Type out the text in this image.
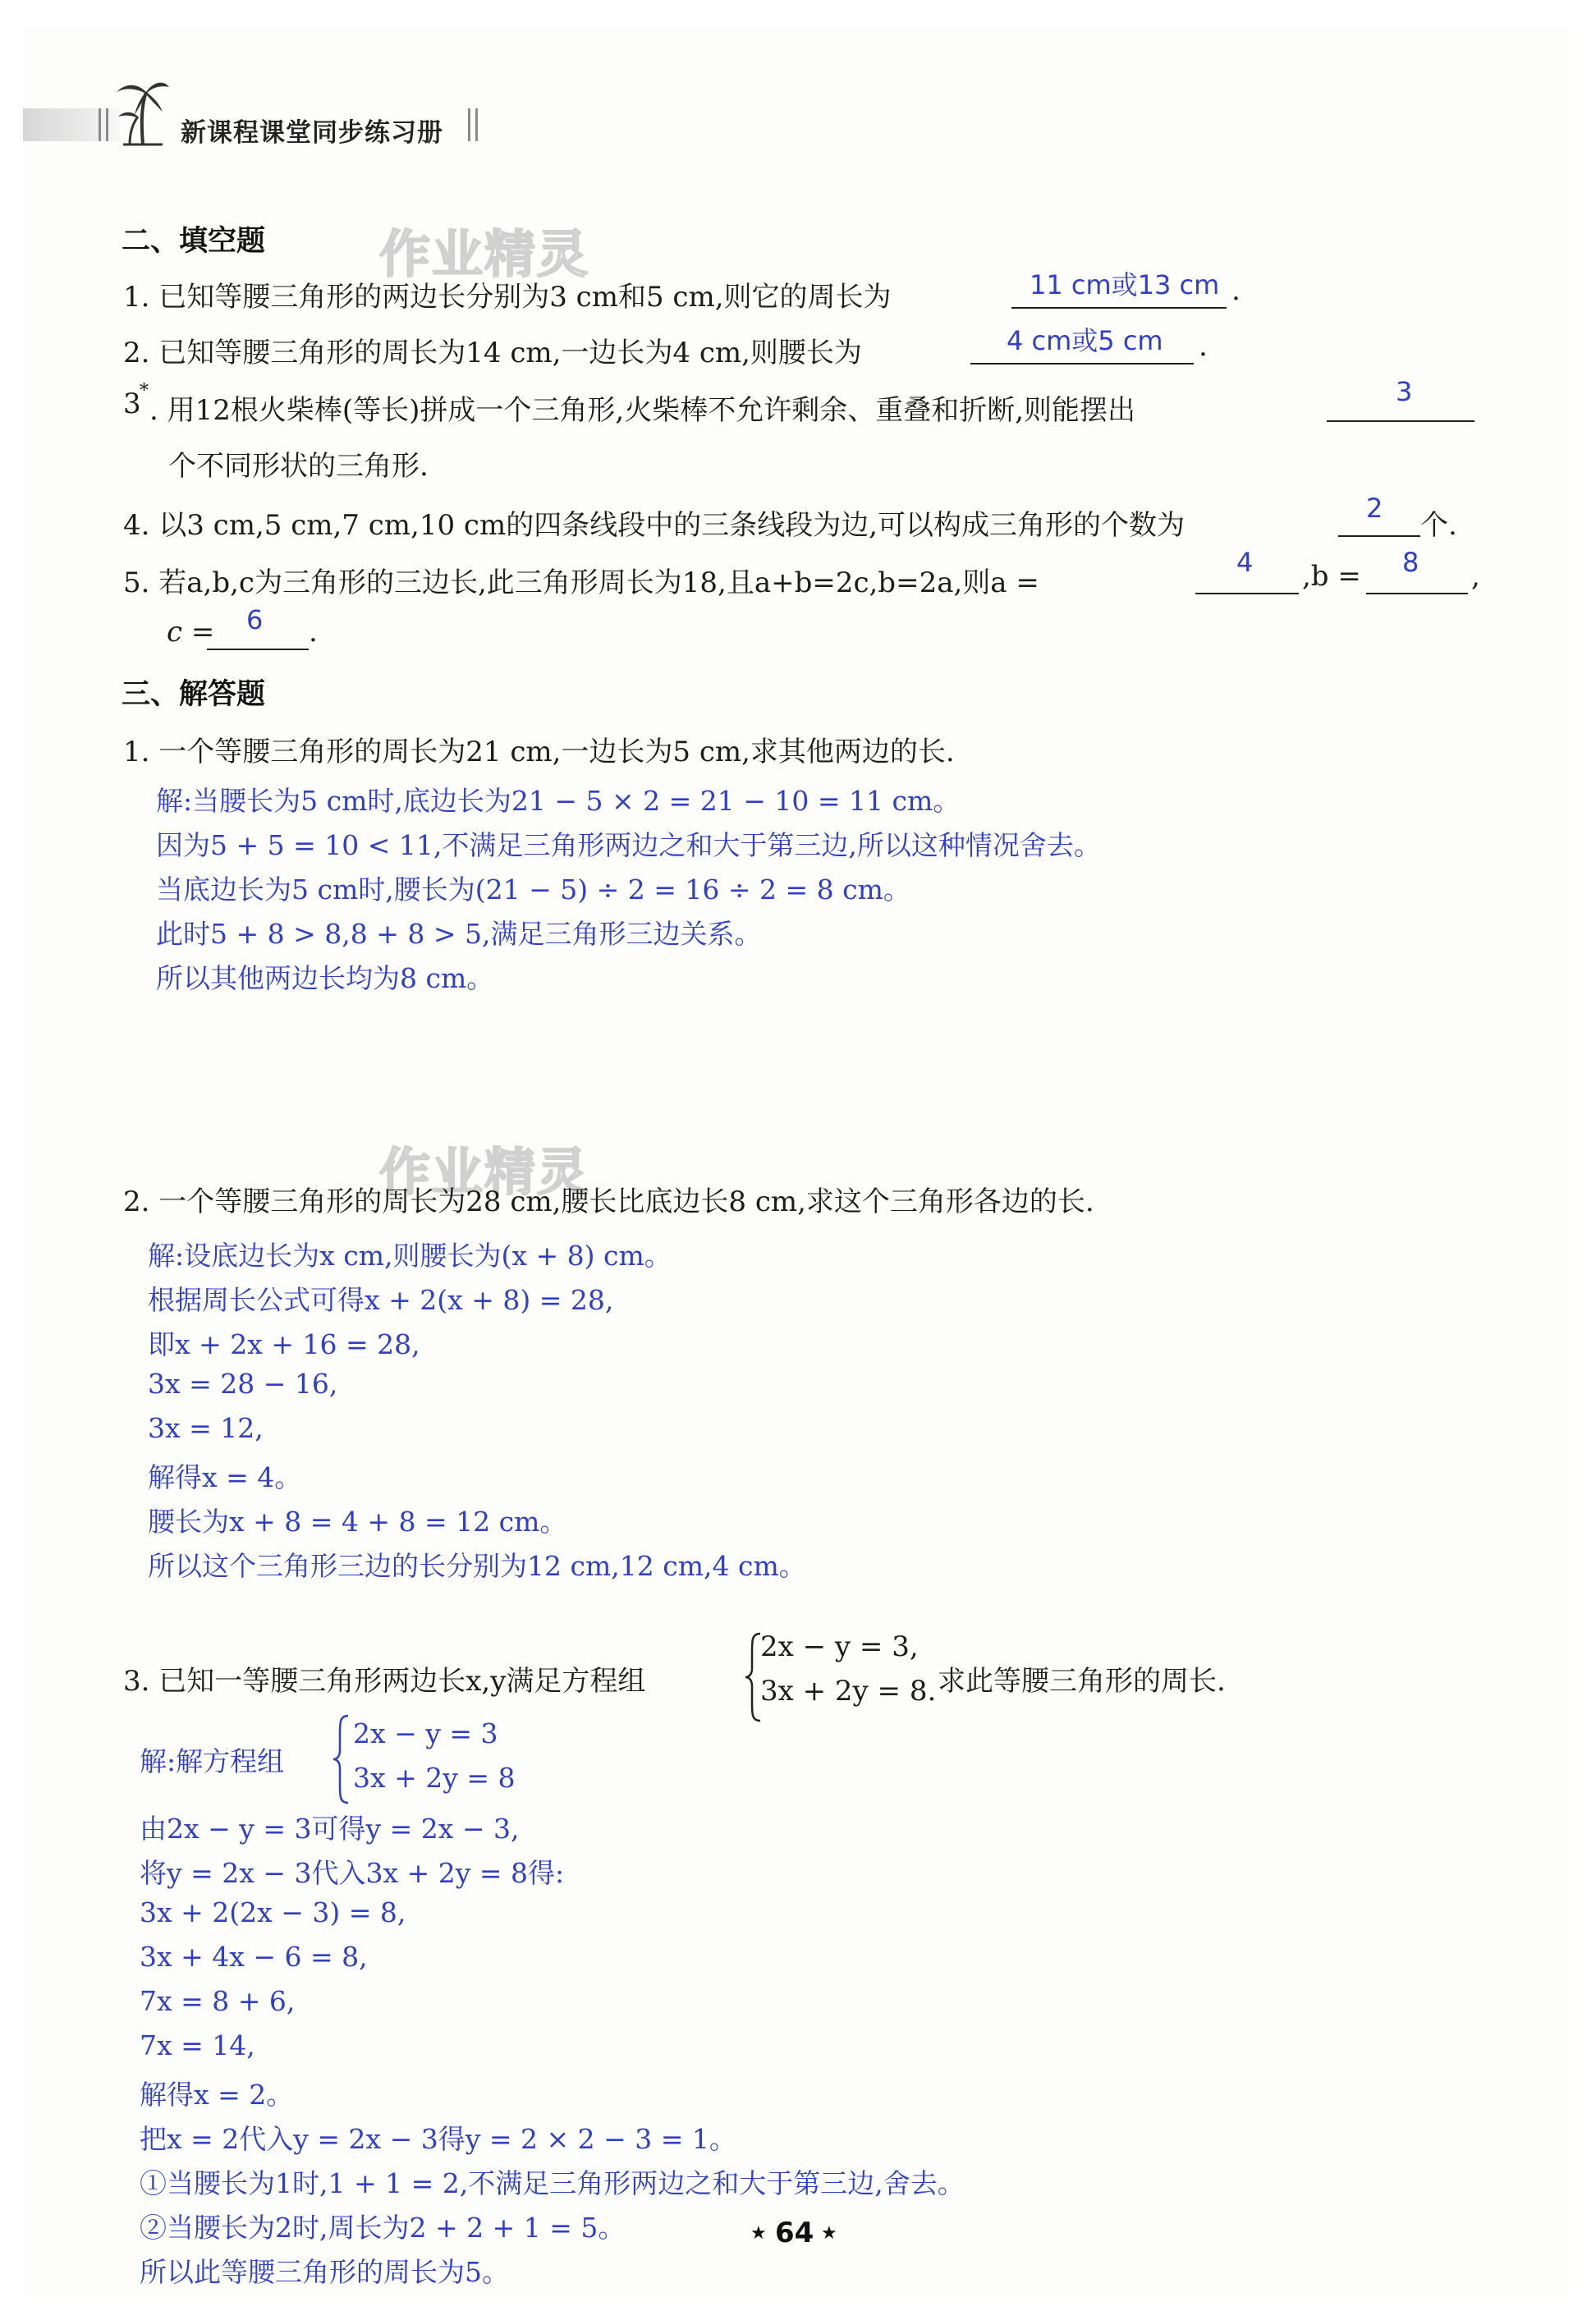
新课程课堂同步练习册
作业精灵
作业精灵
二、填空题
1. 已知等腰三角形的两边长分别为3 cm和5 cm,则它的周长为	11 cm或13 cm .
2. 已知等腰三角形的周长为14 cm,一边长为4 cm,则腰长为	4 cm或5 cm .
3
*
. 用12根火柴棒(等长)拼成一个三角形,火柴棒不允许剩余、重叠和折断,则能摆出
3
个不同形状的三角形.
4. 以3 cm,5 cm,7 cm,10 cm的四条线段中的三条线段为边,可以构成三角形的个数为
2
个.
5. 若a,b,c为三角形的三边长,此三角形周长为18,且a+b=2c,b=2a,则a =
4 ,b = 8 ,
c = 6 .
三、解答题
1. 一个等腰三角形的周长为21 cm,一边长为5 cm,求其他两边的长.
解:当腰长为5 cm时,底边长为21 − 5 × 2 = 21 − 10 = 11 cm。
因为5 + 5 = 10 < 11,不满足三角形两边之和大于第三边,所以这种情况舍去。
当底边长为5 cm时,腰长为(21 − 5) ÷ 2 = 16 ÷ 2 = 8 cm。
此时5 + 8 > 8,8 + 8 > 5,满足三角形三边关系。
所以其他两边长均为8 cm。
2. 一个等腰三角形的周长为28 cm,腰长比底边长8 cm,求这个三角形各边的长.
解:设底边长为x cm,则腰长为(x + 8) cm。
根据周长公式可得x + 2(x + 8) = 28,
即x + 2x + 16 = 28,
3x = 28 − 16,
3x = 12,
解得x = 4。
腰长为x + 8 = 4 + 8 = 12 cm。
所以这个三角形三边的长分别为12 cm,12 cm,4 cm。
3. 已知一等腰三角形两边长x,y满足方程组
2x − y = 3,
3x + 2y = 8. 求此等腰三角形的周长.
解:解方程组
2x − y = 3
3x + 2y = 8
由2x − y = 3可得y = 2x − 3,
将y = 2x − 3代入3x + 2y = 8得:
3x + 2(2x − 3) = 8,
3x + 4x − 6 = 8,
7x = 8 + 6,
7x = 14,
解得x = 2。
把x = 2代入y = 2x − 3得y = 2 × 2 − 3 = 1。
①当腰长为1时,1 + 1 = 2,不满足三角形两边之和大于第三边,舍去。
②当腰长为2时,周长为2 + 2 + 1 = 5。
所以此等腰三角形的周长为5。
★ 64 ★
